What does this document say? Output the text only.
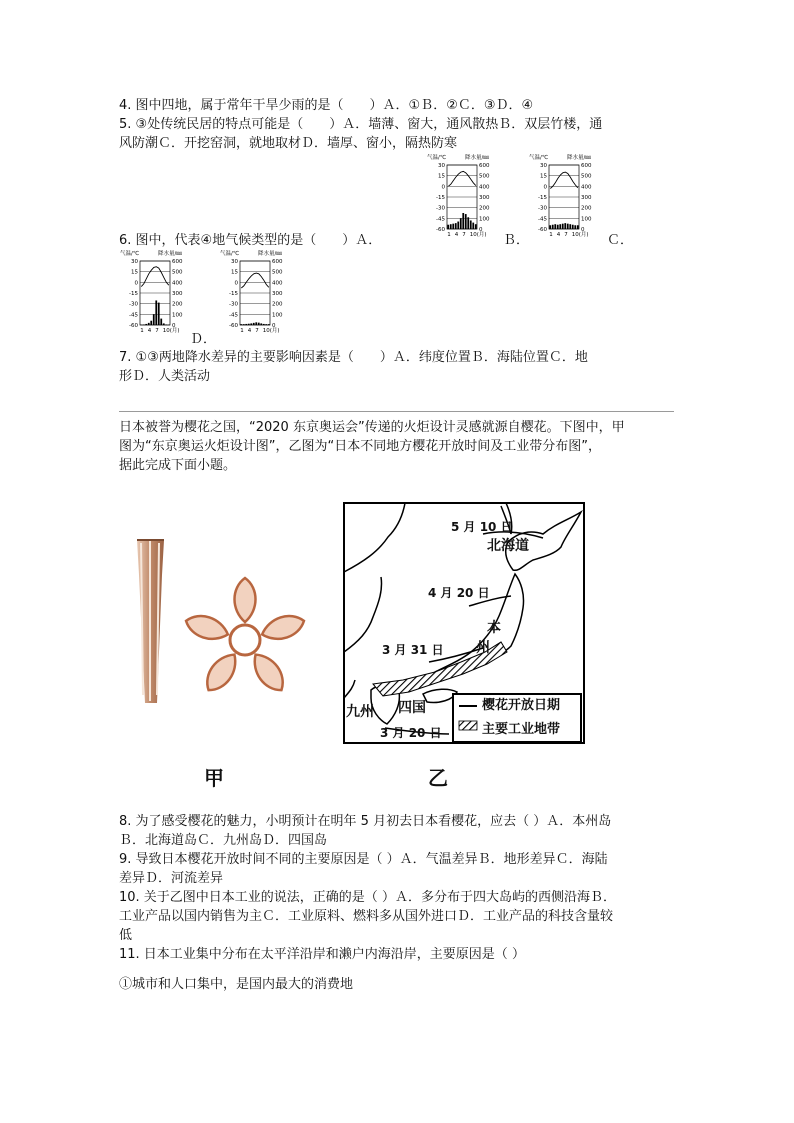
4. 图中四地，属于常年干旱少雨的是（　　）Ａ．①Ｂ．②Ｃ．③Ｄ．④
5. ③处传统民居的特点可能是（　　）Ａ．墙薄、窗大，通风散热Ｂ．双层竹楼，通
风防潮Ｃ．开挖窑洞，就地取材Ｄ．墙厚、窗小，隔热防寒
气温/℃	降水量/㎜
30
15
0
-15
-30
-45
-60
600
500
400
300
200
100
0
1 4 7 10(月)
气温/℃	降水量/㎜
30
15
0
-15
-30
-45
-60
600
500
400
300
200
100
0
1 4 7 10(月)
6. 图中，代表④地气候类型的是（　　）Ａ．	Ｂ．	Ｃ．
气温/℃	降水量/㎜
30
15
0
-15
-30
-45
-60
600
500
400
300
200
100
0
1 4 7 10(月)
气温/℃	降水量/㎜
30
15
0
-15
-30
-45
-60
600
500
400
300
200
100
0
1 4 7 10(月)
Ｄ．
7. ①③两地降水差异的主要影响因素是（　　）Ａ．纬度位置Ｂ．海陆位置Ｃ．地
形Ｄ．人类活动
日本被誉为樱花之国，“2020 东京奥运会”传递的火炬设计灵感就源自樱花。下图中，甲
图为“东京奥运火炬设计图”，乙图为“日本不同地方樱花开放时间及工业带分布图”，
据此完成下面小题。
甲
5 月 10 日
北海道
4 月 20 日
本
州
3 月 31 日
九州 四国
3 月 20 日
樱花开放日期
主要工业地带
乙
8. 为了感受樱花的魅力，小明预计在明年 5 月初去日本看樱花，应去（ ）Ａ．本州岛
Ｂ．北海道岛Ｃ．九州岛Ｄ．四国岛
9. 导致日本樱花开放时间不同的主要原因是（ ）Ａ．气温差异Ｂ．地形差异Ｃ．海陆
差异Ｄ．河流差异
10. 关于乙图中日本工业的说法，正确的是（ ）Ａ．多分布于四大岛屿的西侧沿海Ｂ．
工业产品以国内销售为主Ｃ．工业原料、燃料多从国外进口Ｄ．工业产品的科技含量较
低
11. 日本工业集中分布在太平洋沿岸和濑户内海沿岸，主要原因是（ ）
①城市和人口集中，是国内最大的消费地
